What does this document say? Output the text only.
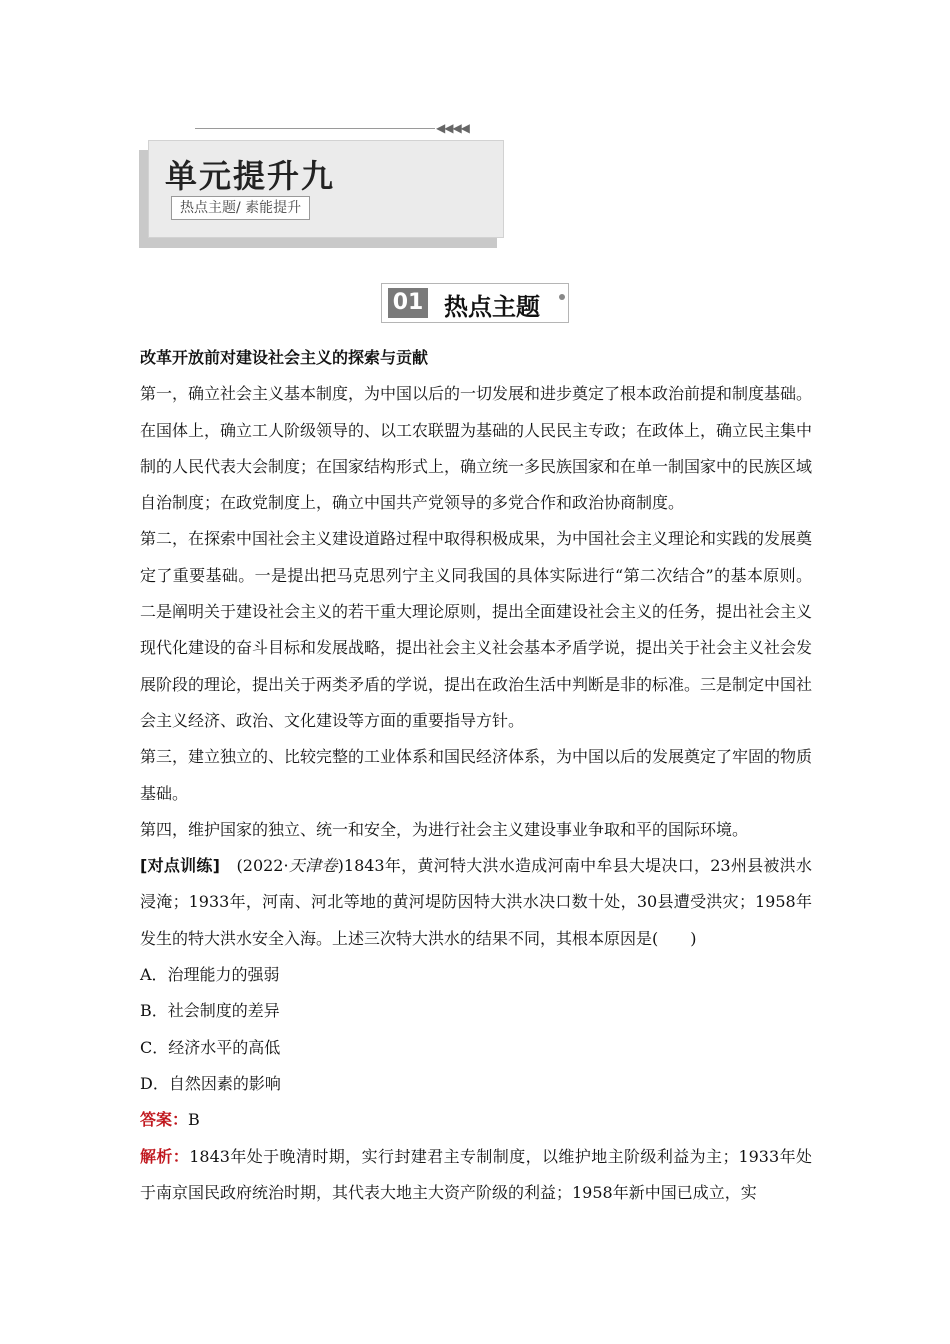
◀◀◀◀
单元提升九
热点主题/ 素能提升
01 热点主题

改革开放前对建设社会主义的探索与贡献

第一，确立社会主义基本制度，为中国以后的一切发展和进步奠定了根本政治前提和制度基础。在国体上，确立工人阶级领导的、以工农联盟为基础的人民民主专政；在政体上，确立民主集中制的人民代表大会制度；在国家结构形式上，确立统一多民族国家和在单一制国家中的民族区域自治制度；在政党制度上，确立中国共产党领导的多党合作和政治协商制度。

第二，在探索中国社会主义建设道路过程中取得积极成果，为中国社会主义理论和实践的发展奠定了重要基础。一是提出把马克思列宁主义同我国的具体实际进行“第二次结合”的基本原则。二是阐明关于建设社会主义的若干重大理论原则，提出全面建设社会主义的任务，提出社会主义现代化建设的奋斗目标和发展战略，提出社会主义社会基本矛盾学说，提出关于社会主义社会发展阶段的理论，提出关于两类矛盾的学说，提出在政治生活中判断是非的标准。三是制定中国社会主义经济、政治、文化建设等方面的重要指导方针。

第三，建立独立的、比较完整的工业体系和国民经济体系，为中国以后的发展奠定了牢固的物质基础。

第四，维护国家的独立、统一和安全，为进行社会主义建设事业争取和平的国际环境。

[对点训练]　 (2022·天津卷)1843年，黄河特大洪水造成河南中牟县大堤决口，23州县被洪水浸淹；1933年，河南、河北等地的黄河堤防因特大洪水决口数十处，30县遭受洪灾；1958年发生的特大洪水安全入海。上述三次特大洪水的结果不同，其根本原因是(　　)

A．治理能力的强弱

B．社会制度的差异

C．经济水平的高低

D．自然因素的影响

答案：B

解析：1843年处于晚清时期，实行封建君主专制制度，以维护地主阶级利益为主；1933年处于南京国民政府统治时期，其代表大地主大资产阶级的利益；1958年新中国已成立，实
